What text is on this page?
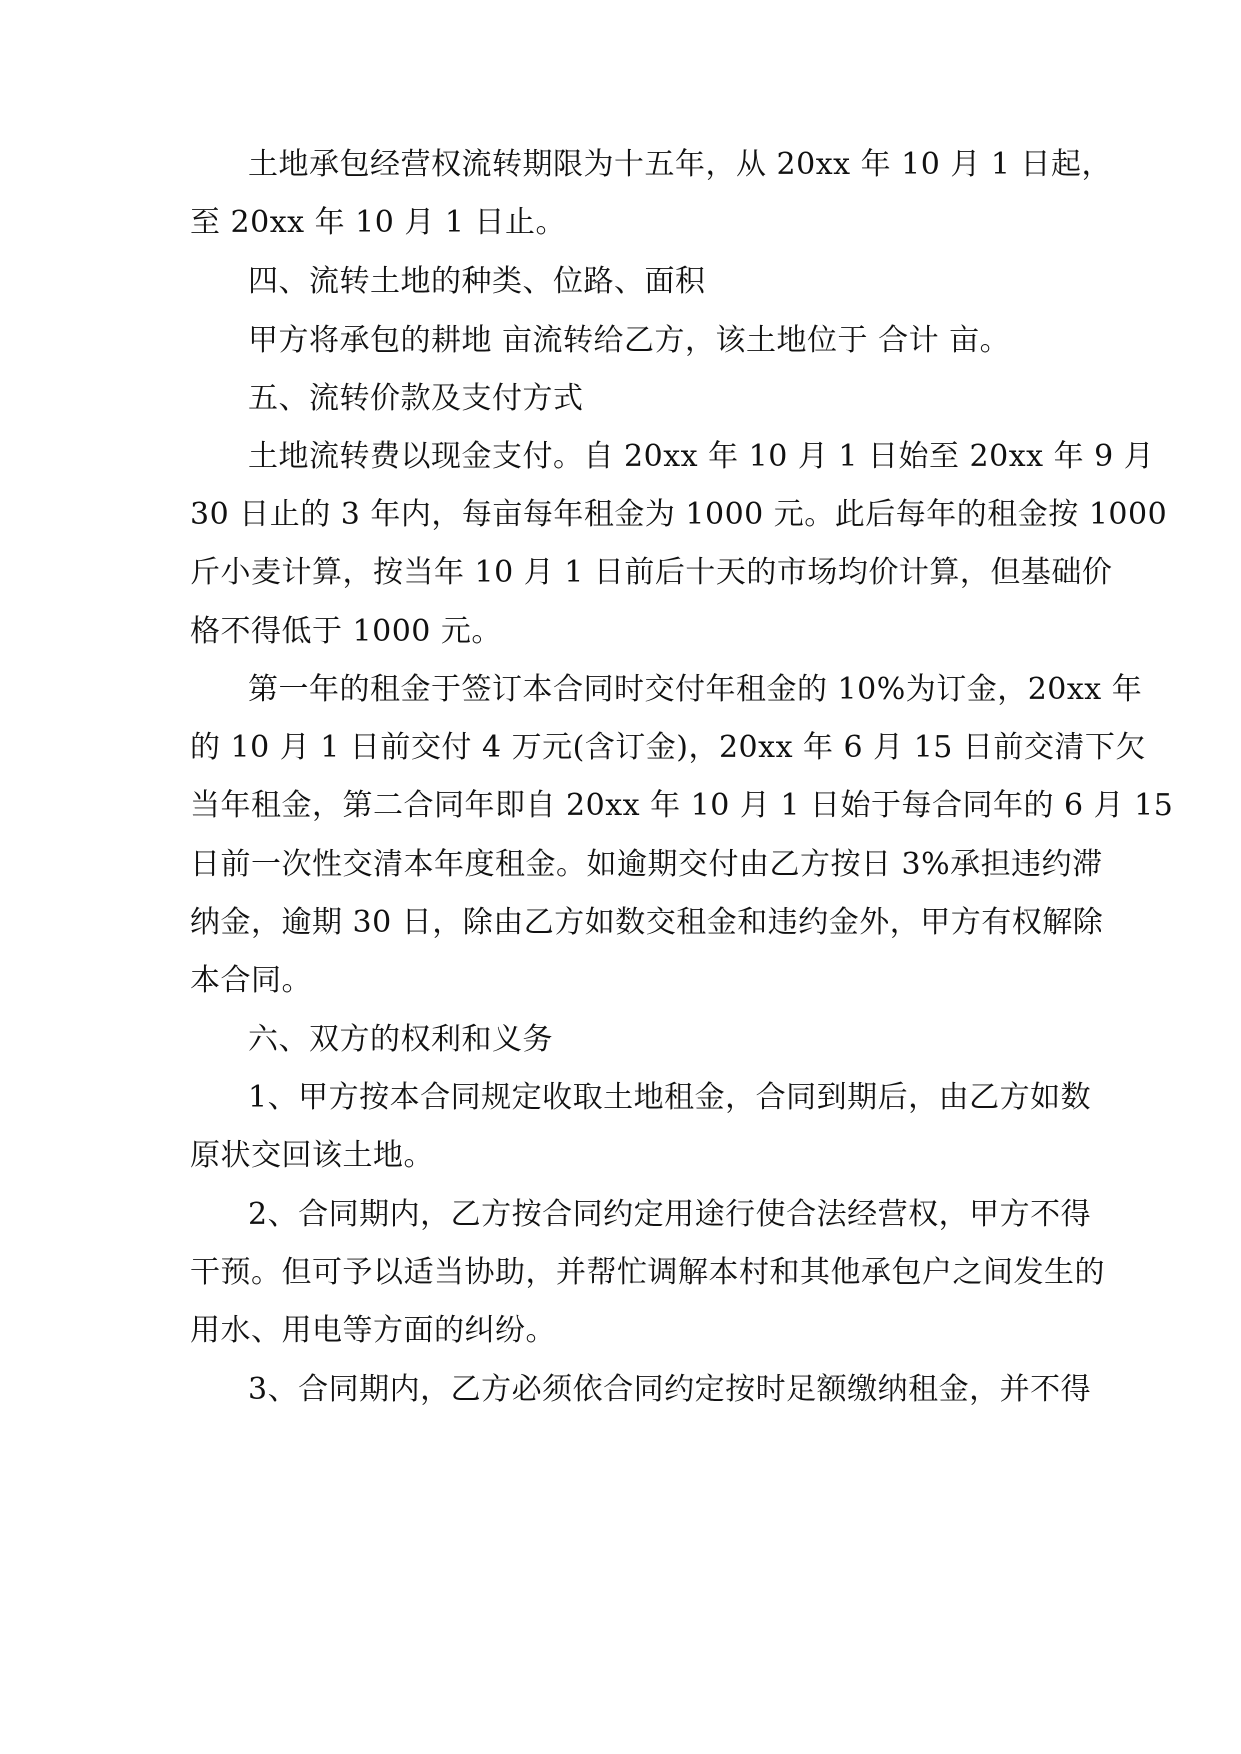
土地承包经营权流转期限为十五年，从 20xx 年 10 月 1 日起，
至 20xx 年 10 月 1 日止。
四、流转土地的种类、位路、面积
甲方将承包的耕地 亩流转给乙方，该土地位于 合计 亩。
五、流转价款及支付方式
土地流转费以现金支付。自 20xx 年 10 月 1 日始至 20xx 年 9 月
30 日止的 3 年内，每亩每年租金为 1000 元。此后每年的租金按 1000
斤小麦计算，按当年 10 月 1 日前后十天的市场均价计算，但基础价
格不得低于 1000 元。
第一年的租金于签订本合同时交付年租金的 10%为订金，20xx 年
的 10 月 1 日前交付 4 万元(含订金)，20xx 年 6 月 15 日前交清下欠
当年租金，第二合同年即自 20xx 年 10 月 1 日始于每合同年的 6 月 15
日前一次性交清本年度租金。如逾期交付由乙方按日 3%承担违约滞
纳金，逾期 30 日，除由乙方如数交租金和违约金外，甲方有权解除
本合同。
六、双方的权利和义务
1、甲方按本合同规定收取土地租金，合同到期后，由乙方如数
原状交回该土地。
2、合同期内，乙方按合同约定用途行使合法经营权，甲方不得
干预。但可予以适当协助，并帮忙调解本村和其他承包户之间发生的
用水、用电等方面的纠纷。
3、合同期内，乙方必须依合同约定按时足额缴纳租金，并不得
